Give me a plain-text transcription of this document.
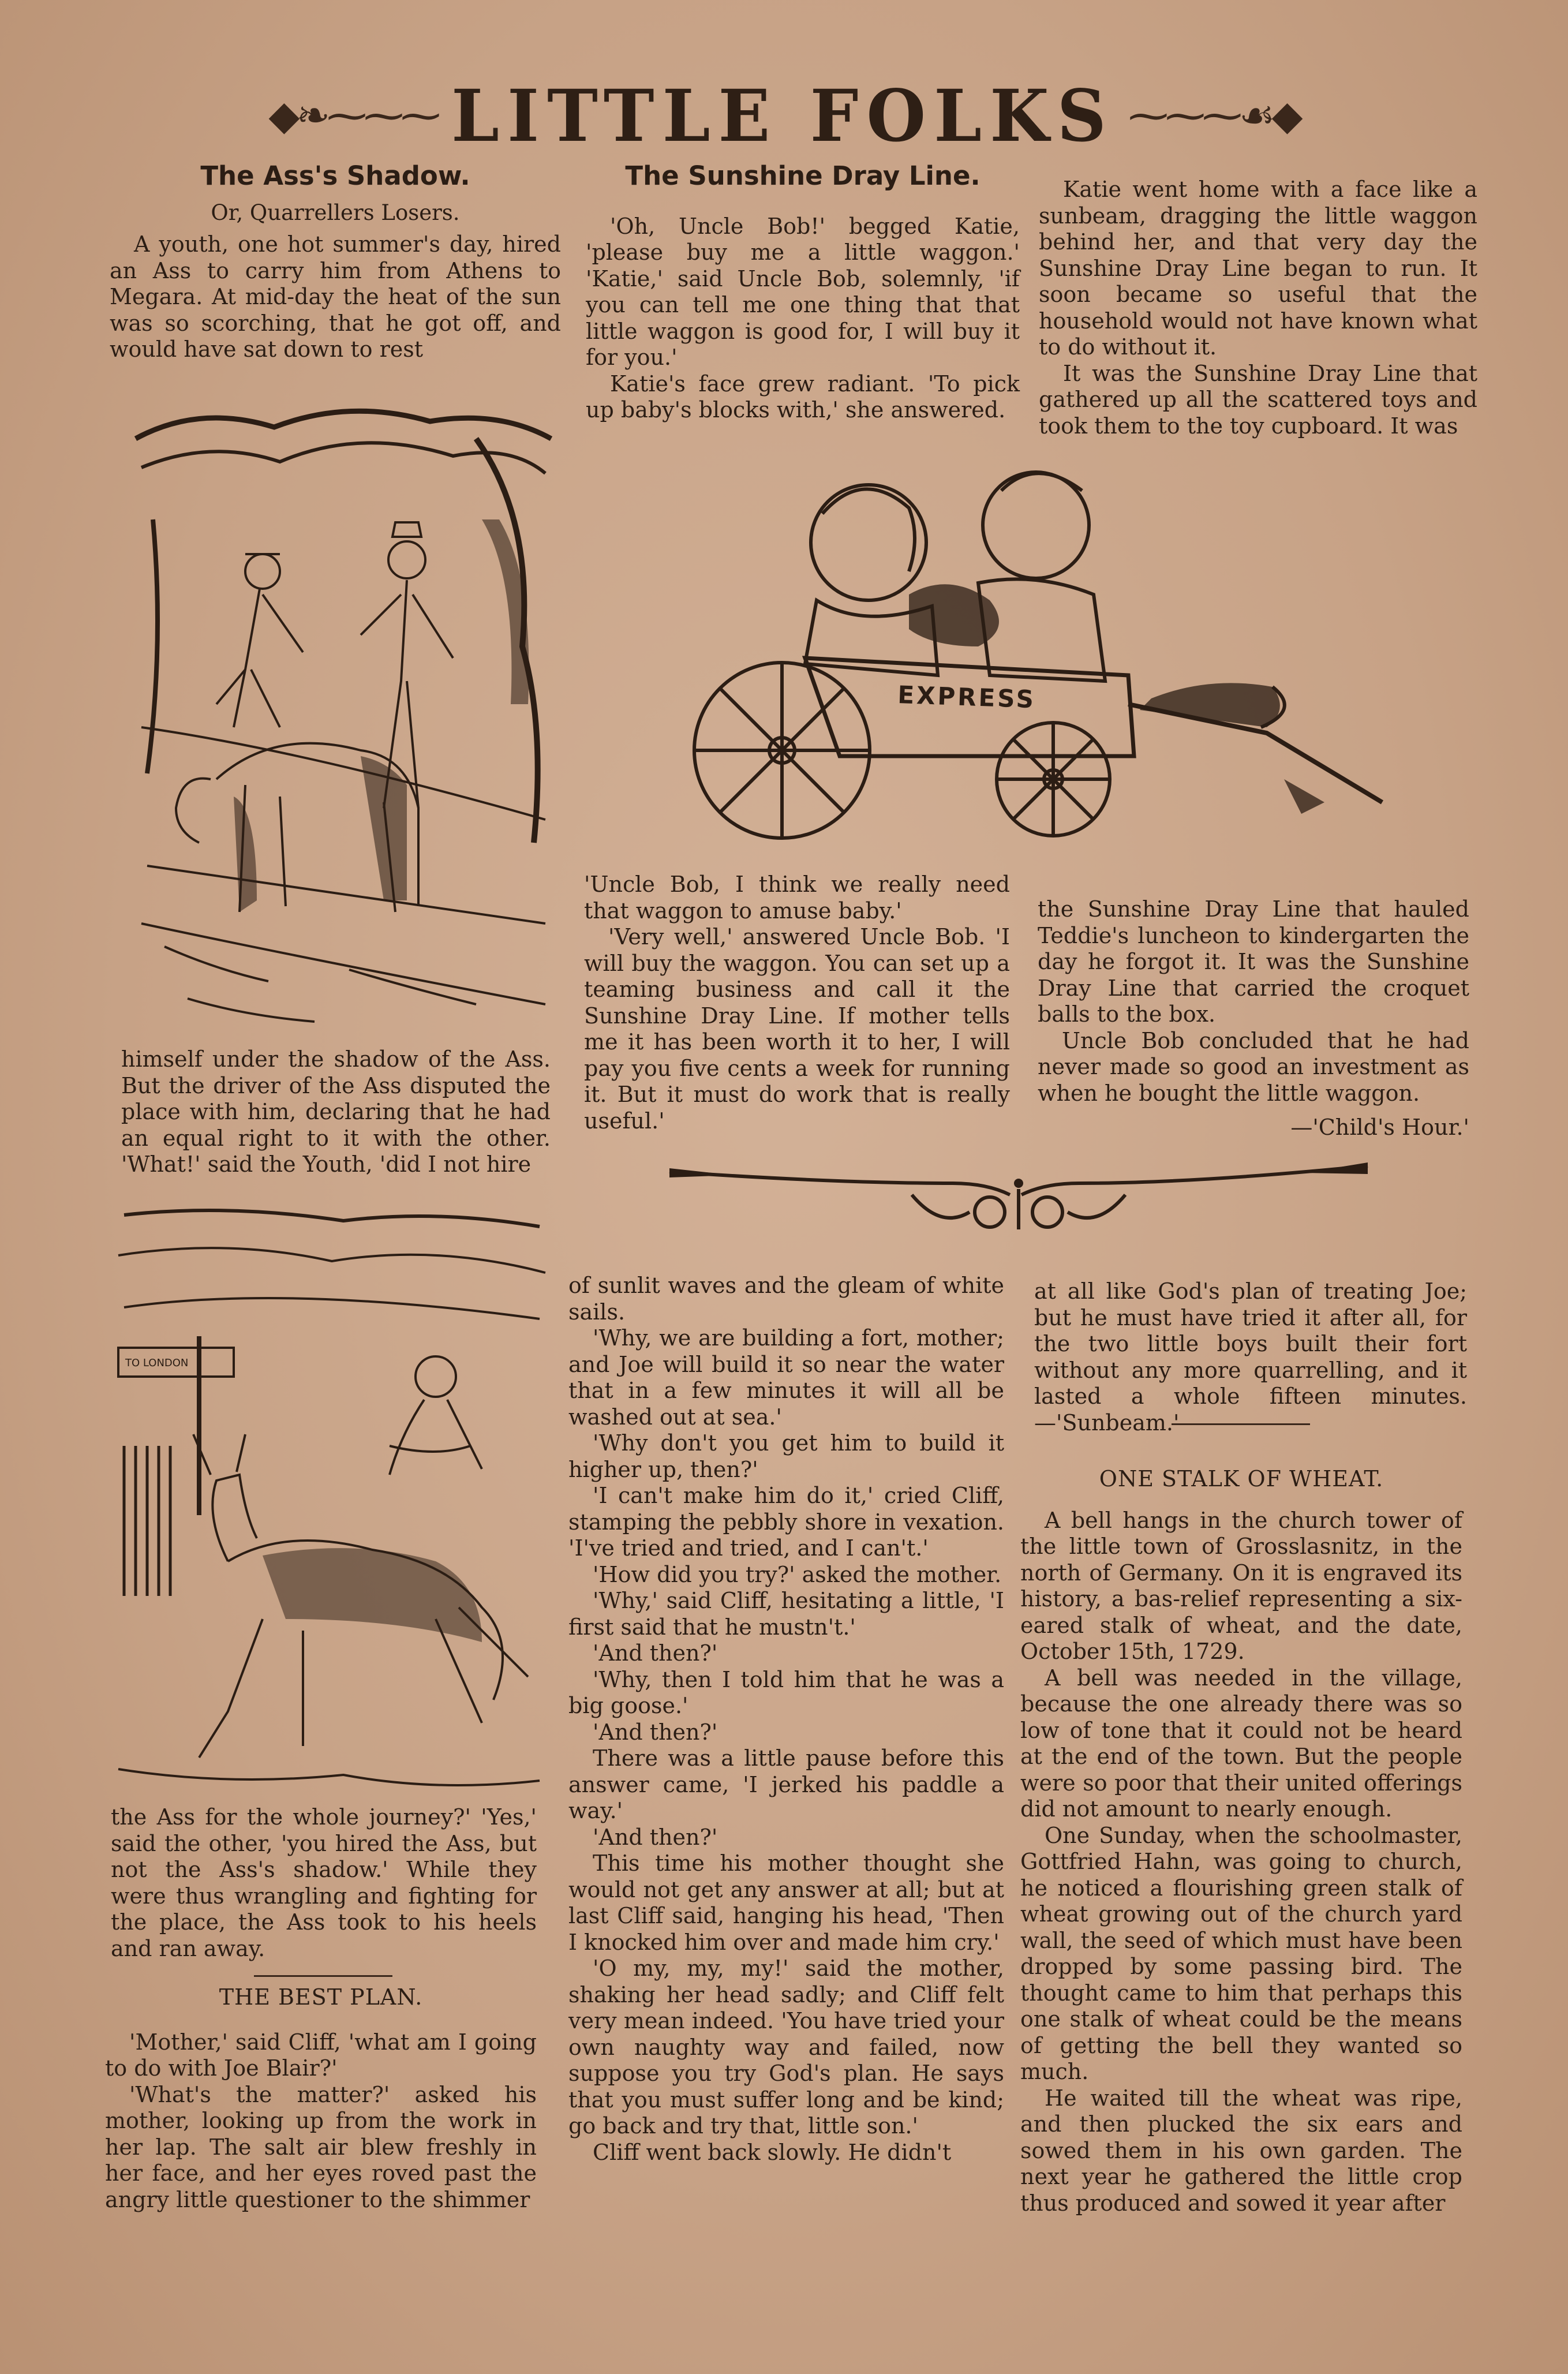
◆❧⁓⁓⁓ LITTLE FOLKS ⁓⁓⁓☙◆
The Ass's Shadow.
Or, Quarrellers Losers.

A youth, one hot summer's day, hired an Ass to carry him from Athens to Megara. At mid-day the heat of the sun was so scorching, that he got off, and would have sat down to rest

himself under the shadow of the Ass. But the driver of the Ass disputed the place with him, declaring that he had an equal right to it with the other. 'What!' said the Youth, 'did I not hire

TO LONDON

the Ass for the whole journey?' 'Yes,' said the other, 'you hired the Ass, but not the Ass's shadow.' While they were thus wrangling and fighting for the place, the Ass took to his heels and ran away.

THE BEST PLAN.

'Mother,' said Cliff, 'what am I going to do with Joe Blair?'

'What's the matter?' asked his mother, looking up from the work in her lap. The salt air blew freshly in her face, and her eyes roved past the angry little questioner to the shimmer

The Sunshine Dray Line.

'Oh, Uncle Bob!' begged Katie, 'please buy me a little waggon.' 'Katie,' said Uncle Bob, solemnly, 'if you can tell me one thing that that little waggon is good for, I will buy it for you.'

Katie's face grew radiant. 'To pick up baby's blocks with,' she answered.

Katie went home with a face like a sunbeam, dragging the little waggon behind her, and that very day the Sunshine Dray Line began to run. It soon became so useful that the household would not have known what to do without it.

It was the Sunshine Dray Line that gathered up all the scattered toys and took them to the toy cupboard. It was

EXPRESS

'Uncle Bob, I think we really need that waggon to amuse baby.'

'Very well,' answered Uncle Bob. 'I will buy the waggon. You can set up a teaming business and call it the Sunshine Dray Line. If mother tells me it has been worth it to her, I will pay you five cents a week for running it. But it must do work that is really useful.'

the Sunshine Dray Line that hauled Teddie's luncheon to kindergarten the day he forgot it. It was the Sunshine Dray Line that carried the croquet balls to the box.

Uncle Bob concluded that he had never made so good an investment as when he bought the little waggon.

—'Child's Hour.'

of sunlit waves and the gleam of white sails.

'Why, we are building a fort, mother; and Joe will build it so near the water that in a few minutes it will all be washed out at sea.'

'Why don't you get him to build it higher up, then?'

'I can't make him do it,' cried Cliff, stamping the pebbly shore in vexation. 'I've tried and tried, and I can't.'

'How did you try?' asked the mother.

'Why,' said Cliff, hesitating a little, 'I first said that he mustn't.'

'And then?'

'Why, then I told him that he was a big goose.'

'And then?'

There was a little pause before this answer came, 'I jerked his paddle a way.'

'And then?'

This time his mother thought she would not get any answer at all; but at last Cliff said, hanging his head, 'Then I knocked him over and made him cry.'

'O my, my, my!' said the mother, shaking her head sadly; and Cliff felt very mean indeed. 'You have tried your own naughty way and failed, now suppose you try God's plan. He says that you must suffer long and be kind; go back and try that, little son.'

Cliff went back slowly. He didn't

at all like God's plan of treating Joe; but he must have tried it after all, for the two little boys built their fort without any more quarrelling, and it lasted a whole fifteen minutes.—'Sunbeam.'

ONE STALK OF WHEAT.

A bell hangs in the church tower of the little town of Grosslasnitz, in the north of Germany. On it is engraved its history, a bas-relief representing a six-eared stalk of wheat, and the date, October 15th, 1729.

A bell was needed in the village, because the one already there was so low of tone that it could not be heard at the end of the town. But the people were so poor that their united offerings did not amount to nearly enough.

One Sunday, when the schoolmaster, Gottfried Hahn, was going to church, he noticed a flourishing green stalk of wheat growing out of the church yard wall, the seed of which must have been dropped by some passing bird. The thought came to him that perhaps this one stalk of wheat could be the means of getting the bell they wanted so much.

He waited till the wheat was ripe, and then plucked the six ears and sowed them in his own garden. The next year he gathered the little crop thus produced and sowed it year after
